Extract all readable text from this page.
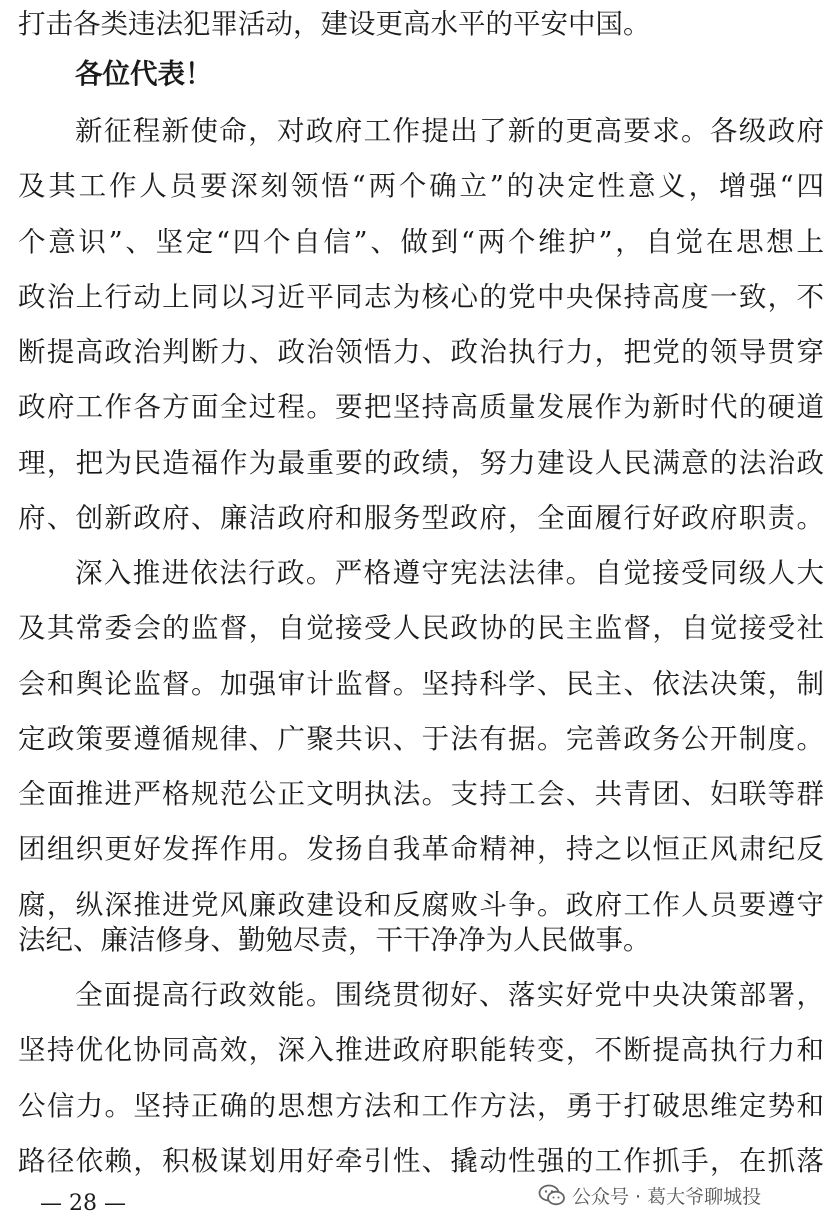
打击各类违法犯罪活动，建设更高水平的平安中国。
各位代表！
新征程新使命，对政府工作提出了新的更高要求。各级政府
及其工作人员要深刻领悟“两个确立”的决定性意义，增强“四
个意识”、坚定“四个自信”、做到“两个维护”，自觉在思想上
政治上行动上同以习近平同志为核心的党中央保持高度一致，不
断提高政治判断力、政治领悟力、政治执行力，把党的领导贯穿
政府工作各方面全过程。要把坚持高质量发展作为新时代的硬道
理，把为民造福作为最重要的政绩，努力建设人民满意的法治政
府、创新政府、廉洁政府和服务型政府，全面履行好政府职责。
深入推进依法行政。严格遵守宪法法律。自觉接受同级人大
及其常委会的监督，自觉接受人民政协的民主监督，自觉接受社
会和舆论监督。加强审计监督。坚持科学、民主、依法决策，制
定政策要遵循规律、广聚共识、于法有据。完善政务公开制度。
全面推进严格规范公正文明执法。支持工会、共青团、妇联等群
团组织更好发挥作用。发扬自我革命精神，持之以恒正风肃纪反
腐，纵深推进党风廉政建设和反腐败斗争。政府工作人员要遵守
法纪、廉洁修身、勤勉尽责，干干净净为人民做事。
全面提高行政效能。围绕贯彻好、落实好党中央决策部署，
坚持优化协同高效，深入推进政府职能转变，不断提高执行力和
公信力。坚持正确的思想方法和工作方法，勇于打破思维定势和
路径依赖，积极谋划用好牵引性、撬动性强的工作抓手，在抓落
— 28 —	公众号 · 葛大爷聊城投
